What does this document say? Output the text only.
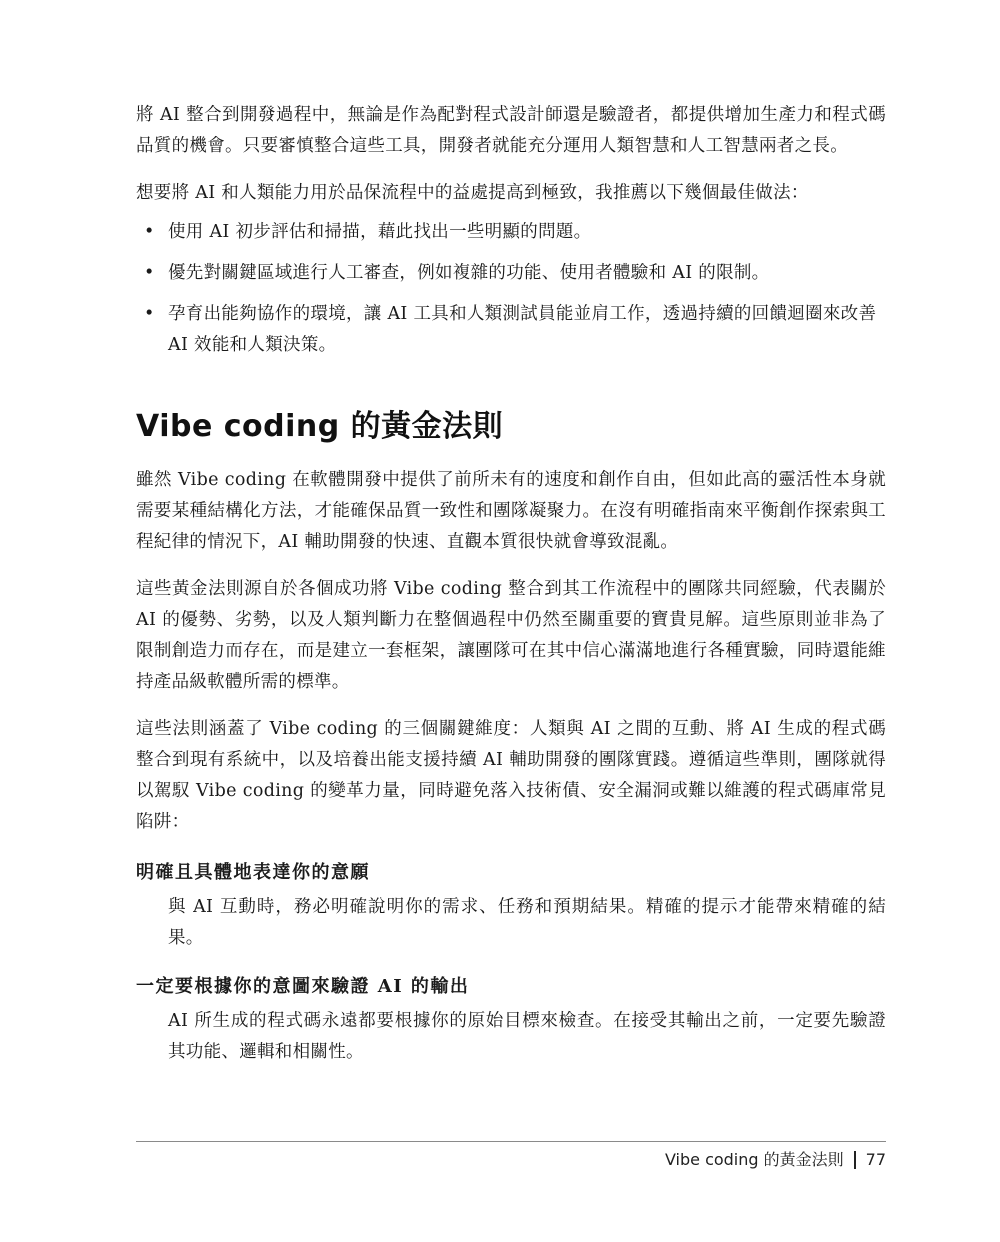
將 AI 整合到開發過程中，無論是作為配對程式設計師還是驗證者，都提供增加生產力和程式碼品質的機會。只要審慎整合這些工具，開發者就能充分運用人類智慧和人工智慧兩者之長。

想要將 AI 和人類能力用於品保流程中的益處提高到極致，我推薦以下幾個最佳做法：

• 使用 AI 初步評估和掃描，藉此找出一些明顯的問題。
• 優先對關鍵區域進行人工審查，例如複雜的功能、使用者體驗和 AI 的限制。
• 孕育出能夠協作的環境，讓 AI 工具和人類測試員能並肩工作，透過持續的回饋迴圈來改善 AI 效能和人類決策。
Vibe coding 的黃金法則

雖然 Vibe coding 在軟體開發中提供了前所未有的速度和創作自由，但如此高的靈活性本身就需要某種結構化方法，才能確保品質一致性和團隊凝聚力。在沒有明確指南來平衡創作探索與工程紀律的情況下，AI 輔助開發的快速、直觀本質很快就會導致混亂。

這些黃金法則源自於各個成功將 Vibe coding 整合到其工作流程中的團隊共同經驗，代表關於 AI 的優勢、劣勢，以及人類判斷力在整個過程中仍然至關重要的寶貴見解。這些原則並非為了限制創造力而存在，而是建立一套框架，讓團隊可在其中信心滿滿地進行各種實驗，同時還能維持產品級軟體所需的標準。

這些法則涵蓋了 Vibe coding 的三個關鍵維度：人類與 AI 之間的互動、將 AI 生成的程式碼整合到現有系統中，以及培養出能支援持續 AI 輔助開發的團隊實踐。遵循這些準則，團隊就得以駕馭 Vibe coding 的變革力量，同時避免落入技術債、安全漏洞或難以維護的程式碼庫常見陷阱：

明確且具體地表達你的意願

與 AI 互動時，務必明確說明你的需求、任務和預期結果。精確的提示才能帶來精確的結果。

一定要根據你的意圖來驗證 AI 的輸出

AI 所生成的程式碼永遠都要根據你的原始目標來檢查。在接受其輸出之前，一定要先驗證其功能、邏輯和相關性。

Vibe coding 的黃金法則 77
